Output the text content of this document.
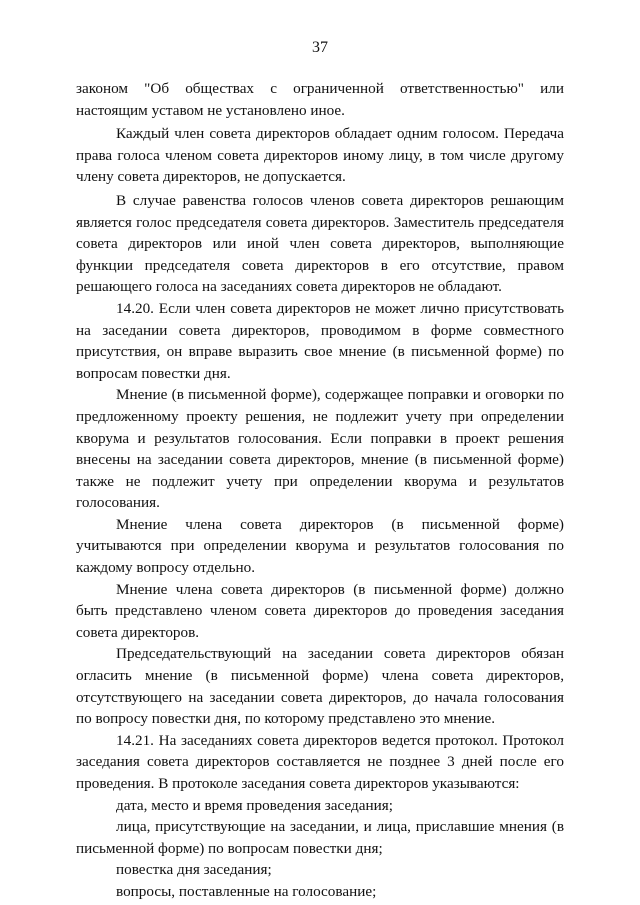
37

законом "Об обществах с ограниченной ответственностью" или настоящим уставом не установлено иное.

Каждый член совета директоров обладает одним голосом. Передача права голоса членом совета директоров иному лицу, в том числе другому члену совета директоров, не допускается.

В случае равенства голосов членов совета директоров решающим является голос председателя совета директоров. Заместитель председателя совета директоров или иной член совета директоров, выполняющие функции председателя совета директоров в его отсутствие, правом решающего голоса на заседаниях совета директоров не обладают.

14.20. Если член совета директоров не может лично присутствовать на заседании совета директоров, проводимом в форме совместного присутствия, он вправе выразить свое мнение (в письменной форме) по вопросам повестки дня.

Мнение (в письменной форме), содержащее поправки и оговорки по предложенному проекту решения, не подлежит учету при определении кворума и результатов голосования. Если поправки в проект решения внесены на заседании совета директоров, мнение (в письменной форме) также не подлежит учету при определении кворума и результатов голосования.

Мнение члена совета директоров (в письменной форме) учитываются при определении кворума и результатов голосования по каждому вопросу отдельно.

Мнение члена совета директоров (в письменной форме) должно быть представлено членом совета директоров до проведения заседания совета директоров.

Председательствующий на заседании совета директоров обязан огласить мнение (в письменной форме) члена совета директоров, отсутствующего на заседании совета директоров, до начала голосования по вопросу повестки дня, по которому представлено это мнение.

14.21. На заседаниях совета директоров ведется протокол. Протокол заседания совета директоров составляется не позднее 3 дней после его проведения. В протоколе заседания совета директоров указываются:

дата, место и время проведения заседания;

лица, присутствующие на заседании, и лица, приславшие мнения (в письменной форме) по вопросам повестки дня;

повестка дня заседания;

вопросы, поставленные на голосование;
